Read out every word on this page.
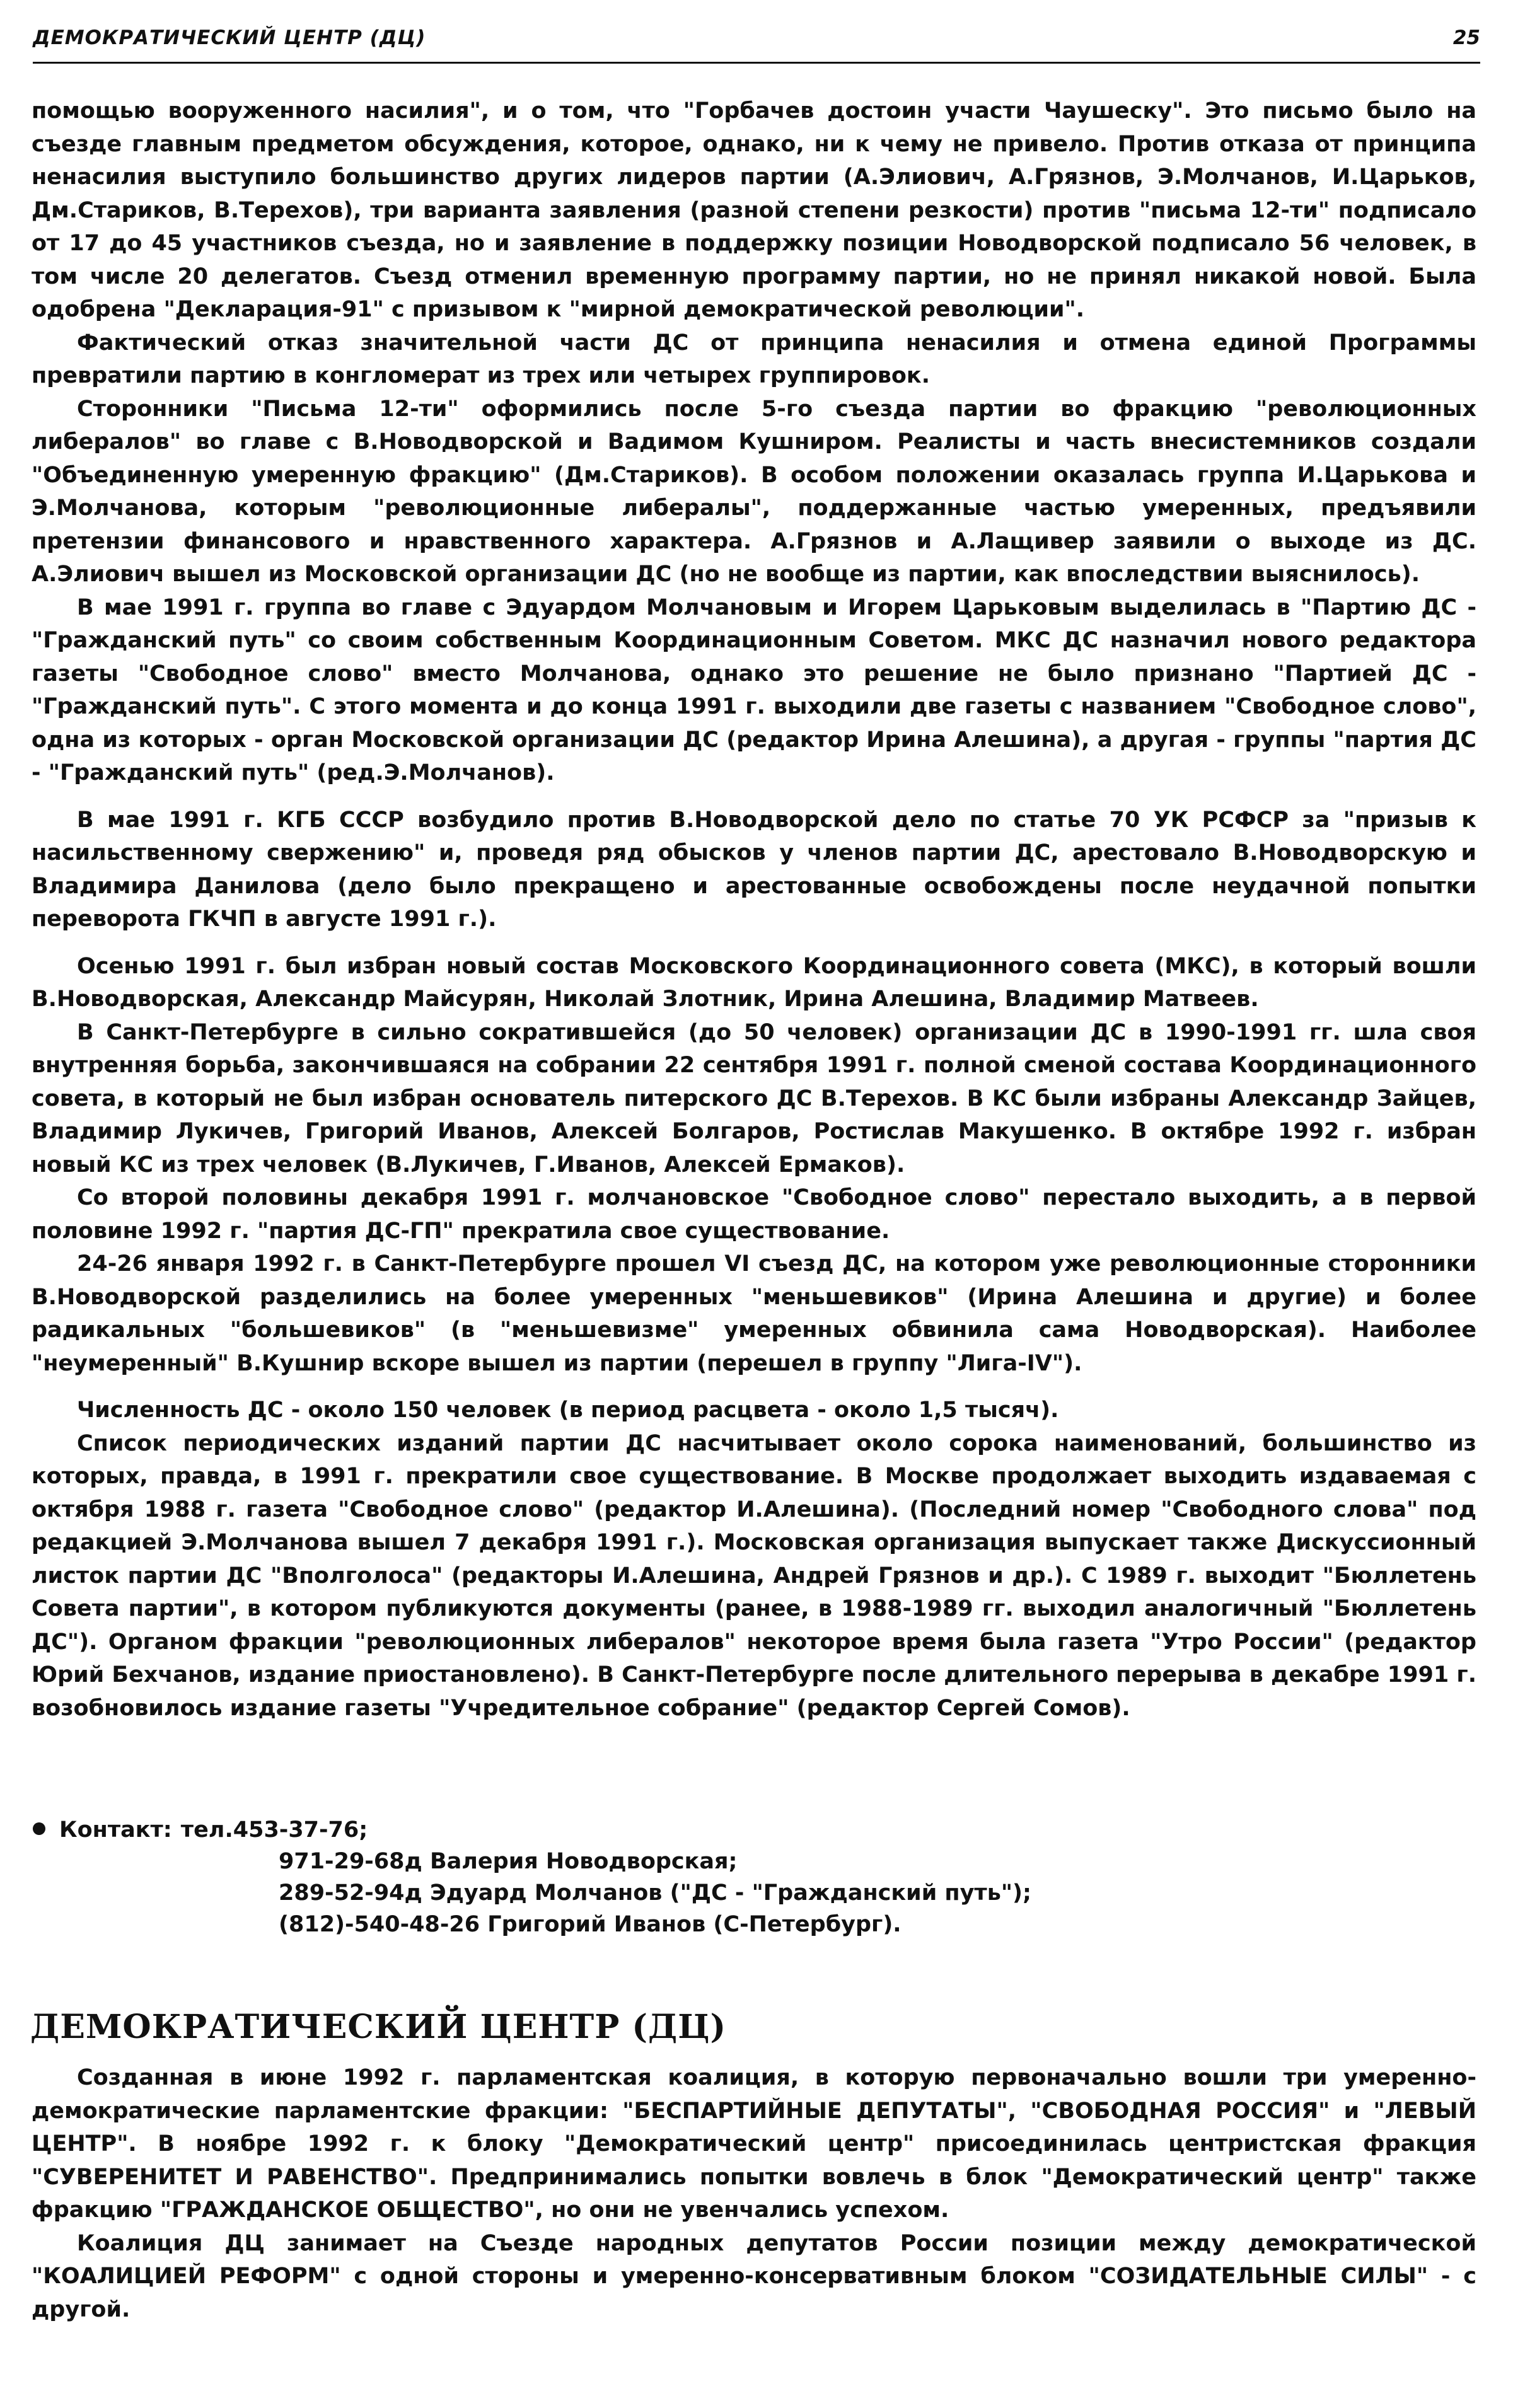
ДЕМОКРАТИЧЕСКИЙ ЦЕНТР (ДЦ)	25

помощью вооруженного насилия", и о том, что "Горбачев достоин участи Чаушеску". Это письмо было на съезде главным предметом обсуждения, которое, однако, ни к чему не привело. Против отказа от принципа ненасилия выступило большинство других лидеров партии (А.Элиович, А.Грязнов, Э.Молчанов, И.Царьков, Дм.Стариков, В.Терехов), три варианта заявления (разной степени резкости) против "письма 12-ти" подписало от 17 до 45 участников съезда, но и заявление в поддержку позиции Новодворской подписало 56 человек, в том числе 20 делегатов. Съезд отменил временную программу партии, но не принял никакой новой. Была одобрена "Декларация-91" с призывом к "мирной демократической революции".

Фактический отказ значительной части ДС от принципа ненасилия и отмена единой Программы превратили партию в конгломерат из трех или четырех группировок.

Сторонники "Письма 12-ти" оформились после 5-го съезда партии во фракцию "революционных либералов" во главе с В.Новодворской и Вадимом Кушниром. Реалисты и часть внесистемников создали "Объединенную умеренную фракцию" (Дм.Стариков). В особом положении оказалась группа И.Царькова и Э.Молчанова, которым "революционные либералы", поддержанные частью умеренных, предъявили претензии финансового и нравственного характера. А.Грязнов и А.Лащивер заявили о выходе из ДС. А.Элиович вышел из Московской организации ДС (но не вообще из партии, как впоследствии выяснилось).

В мае 1991 г. группа во главе с Эдуардом Молчановым и Игорем Царьковым выделилась в "Партию ДС - "Гражданский путь" со своим собственным Координационным Советом. МКС ДС назначил нового редактора газеты "Свободное слово" вместо Молчанова, однако это решение не было признано "Партией ДС - "Гражданский путь". С этого момента и до конца 1991 г. выходили две газеты с названием "Свободное слово", одна из которых - орган Московской организации ДС (редактор Ирина Алешина), а другая - группы "партия ДС - "Гражданский путь" (ред.Э.Молчанов).

В мае 1991 г. КГБ СССР возбудило против В.Новодворской дело по статье 70 УК РСФСР за "призыв к насильственному свержению" и, проведя ряд обысков у членов партии ДС, арестовало В.Новодворскую и Владимира Данилова (дело было прекращено и арестованные освобождены после неудачной попытки переворота ГКЧП в августе 1991 г.).

Осенью 1991 г. был избран новый состав Московского Координационного совета (МКС), в который вошли В.Новодворская, Александр Майсурян, Николай Злотник, Ирина Алешина, Владимир Матвеев.

В Санкт-Петербурге в сильно сократившейся (до 50 человек) организации ДС в 1990-1991 гг. шла своя внутренняя борьба, закончившаяся на собрании 22 сентября 1991 г. полной сменой состава Координационного совета, в который не был избран основатель питерского ДС В.Терехов. В КС были избраны Александр Зайцев, Владимир Лукичев, Григорий Иванов, Алексей Болгаров, Ростислав Макушенко. В октябре 1992 г. избран новый КС из трех человек (В.Лукичев, Г.Иванов, Алексей Ермаков).

Со второй половины декабря 1991 г. молчановское "Свободное слово" перестало выходить, а в первой половине 1992 г. "партия ДС-ГП" прекратила свое существование.

24-26 января 1992 г. в Санкт-Петербурге прошел VI съезд ДС, на котором уже революционные сторонники В.Новодворской разделились на более умеренных "меньшевиков" (Ирина Алешина и другие) и более радикальных "большевиков" (в "меньшевизме" умеренных обвинила сама Новодворская). Наиболее "неумеренный" В.Кушнир вскоре вышел из партии (перешел в группу "Лига-IV").

Численность ДС - около 150 человек (в период расцвета - около 1,5 тысяч).

Список периодических изданий партии ДС насчитывает около сорока наименований, большинство из которых, правда, в 1991 г. прекратили свое существование. В Москве продолжает выходить издаваемая с октября 1988 г. газета "Свободное слово" (редактор И.Алешина). (Последний номер "Свободного слова" под редакцией Э.Молчанова вышел 7 декабря 1991 г.). Московская организация выпускает также Дискуссионный листок партии ДС "Вполголоса" (редакторы И.Алешина, Андрей Грязнов и др.). С 1989 г. выходит "Бюллетень Совета партии", в котором публикуются документы (ранее, в 1988-1989 гг. выходил аналогичный "Бюллетень ДС"). Органом фракции "революционных либералов" некоторое время была газета "Утро России" (редактор Юрий Бехчанов, издание приостановлено). В Санкт-Петербурге после длительного перерыва в декабре 1991 г. возобновилось издание газеты "Учредительное собрание" (редактор Сергей Сомов).

Контакт: тел.453-37-76;
971-29-68д Валерия Новодворская;
289-52-94д Эдуард Молчанов ("ДС - "Гражданский путь");
(812)-540-48-26 Григорий Иванов (С-Петербург).
ДЕМОКРАТИЧЕСКИЙ ЦЕНТР (ДЦ)

Созданная в июне 1992 г. парламентская коалиция, в которую первоначально вошли три умеренно-демократические парламентские фракции: "БЕСПАРТИЙНЫЕ ДЕПУТАТЫ", "СВОБОДНАЯ РОССИЯ" и "ЛЕВЫЙ ЦЕНТР". В ноябре 1992 г. к блоку "Демократический центр" присоединилась центристская фракция "СУВЕРЕНИТЕТ И РАВЕНСТВО". Предпринимались попытки вовлечь в блок "Демократический центр" также фракцию "ГРАЖДАНСКОЕ ОБЩЕСТВО", но они не увенчались успехом.

Коалиция ДЦ занимает на Съезде народных депутатов России позиции между демократической "КОАЛИЦИЕЙ РЕФОРМ" с одной стороны и умеренно-консервативным блоком "СОЗИДАТЕЛЬНЫЕ СИЛЫ" - с другой.
